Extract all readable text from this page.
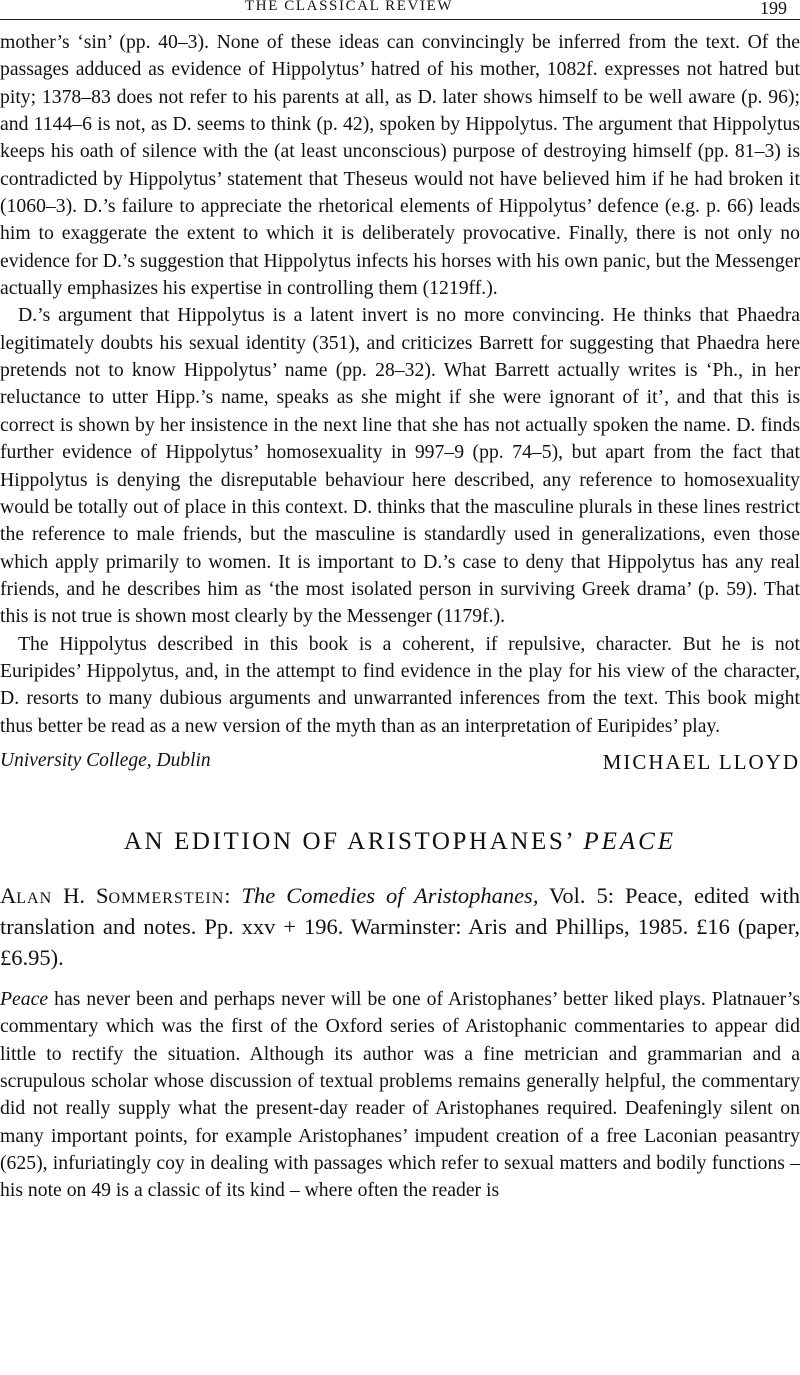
THE CLASSICAL REVIEW	199

mother’s ‘sin’ (pp. 40–3). None of these ideas can convincingly be inferred from the text. Of the passages adduced as evidence of Hippolytus’ hatred of his mother, 1082f. expresses not hatred but pity; 1378–83 does not refer to his parents at all, as D. later shows himself to be well aware (p. 96); and 1144–6 is not, as D. seems to think (p. 42), spoken by Hippolytus. The argument that Hippolytus keeps his oath of silence with the (at least unconscious) purpose of destroying himself (pp. 81–3) is contradicted by Hippolytus’ statement that Theseus would not have believed him if he had broken it (1060–3). D.’s failure to appreciate the rhetorical elements of Hippolytus’ defence (e.g. p. 66) leads him to exaggerate the extent to which it is deliberately provocative. Finally, there is not only no evidence for D.’s suggestion that Hippolytus infects his horses with his own panic, but the Messenger actually emphasizes his expertise in controlling them (1219ff.).

D.’s argument that Hippolytus is a latent invert is no more convincing. He thinks that Phaedra legitimately doubts his sexual identity (351), and criticizes Barrett for suggesting that Phaedra here pretends not to know Hippolytus’ name (pp. 28–32). What Barrett actually writes is ‘Ph., in her reluctance to utter Hipp.’s name, speaks as she might if she were ignorant of it’, and that this is correct is shown by her insistence in the next line that she has not actually spoken the name. D. finds further evidence of Hippolytus’ homosexuality in 997–9 (pp. 74–5), but apart from the fact that Hippolytus is denying the disreputable behaviour here described, any reference to homosexuality would be totally out of place in this context. D. thinks that the masculine plurals in these lines restrict the reference to male friends, but the masculine is standardly used in generalizations, even those which apply primarily to women. It is important to D.’s case to deny that Hippolytus has any real friends, and he describes him as ‘the most isolated person in surviving Greek drama’ (p. 59). That this is not true is shown most clearly by the Messenger (1179f.).

The Hippolytus described in this book is a coherent, if repulsive, character. But he is not Euripides’ Hippolytus, and, in the attempt to find evidence in the play for his view of the character, D. resorts to many dubious arguments and unwarranted inferences from the text. This book might thus better be read as a new version of the myth than as an interpretation of Euripides’ play.

University College, Dublin	MICHAEL LLOYD
AN EDITION OF ARISTOPHANES’ PEACE
Alan H. Sommerstein: The Comedies of Aristophanes, Vol. 5: Peace, edited with translation and notes. Pp. xxv + 196. Warminster: Aris and Phillips, 1985. £16 (paper, £6.95).

Peace has never been and perhaps never will be one of Aristophanes’ better liked plays. Platnauer’s commentary which was the first of the Oxford series of Aristophanic commentaries to appear did little to rectify the situation. Although its author was a fine metrician and grammarian and a scrupulous scholar whose discussion of textual problems remains generally helpful, the commentary did not really supply what the present-day reader of Aristophanes required. Deafeningly silent on many important points, for example Aristophanes’ impudent creation of a free Laconian peasantry (625), infuriatingly coy in dealing with passages which refer to sexual matters and bodily functions – his note on 49 is a classic of its kind – where often the reader is
